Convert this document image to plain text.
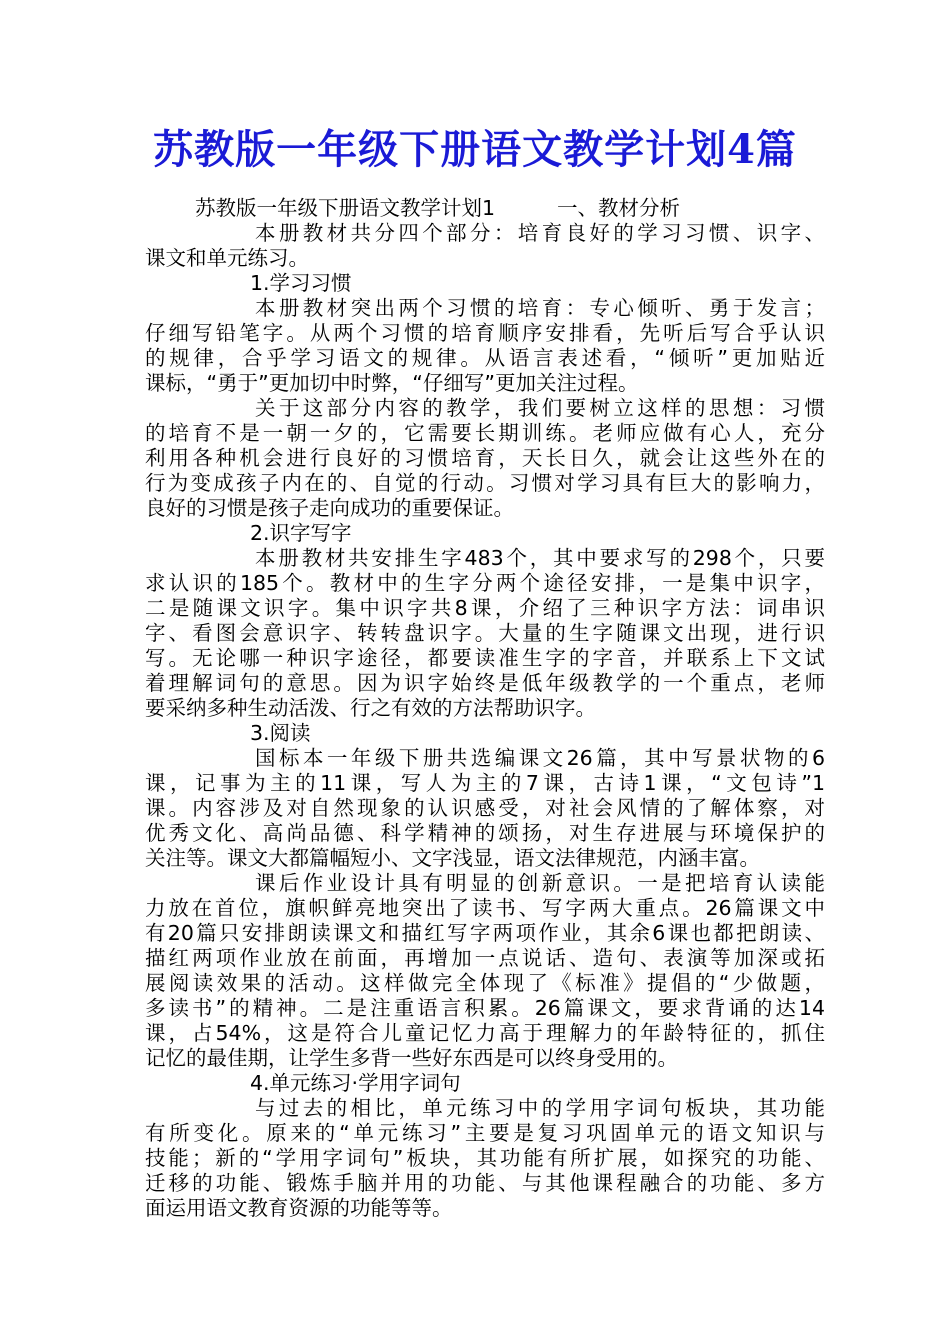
苏教版一年级下册语文教学计划4篇
苏教版一年级下册语文教学计划1	一、教材分析
本册教材共分四个部分：培育良好的学习习惯、识字、
课文和单元练习。
1.学习习惯
本册教材突出两个习惯的培育：专心倾听、勇于发言；
仔细写铅笔字。从两个习惯的培育顺序安排看，先听后写合乎认识
的规律，合乎学习语文的规律。从语言表述看，“倾听”更加贴近
课标，“勇于”更加切中时弊，“仔细写”更加关注过程。
关于这部分内容的教学，我们要树立这样的思想：习惯
的培育不是一朝一夕的，它需要长期训练。老师应做有心人，充分
利用各种机会进行良好的习惯培育，天长日久，就会让这些外在的
行为变成孩子内在的、自觉的行动。习惯对学习具有巨大的影响力，
良好的习惯是孩子走向成功的重要保证。
2.识字写字
本册教材共安排生字483个，其中要求写的298个，只要
求认识的185个。教材中的生字分两个途径安排，一是集中识字，
二是随课文识字。集中识字共8课，介绍了三种识字方法：词串识
字、看图会意识字、转转盘识字。大量的生字随课文出现，进行识
写。无论哪一种识字途径，都要读准生字的字音，并联系上下文试
着理解词句的意思。因为识字始终是低年级教学的一个重点，老师
要采纳多种生动活泼、行之有效的方法帮助识字。
3.阅读
国标本一年级下册共选编课文26篇，其中写景状物的6
课，记事为主的11课，写人为主的7课，古诗1课，“文包诗”1
课。内容涉及对自然现象的认识感受，对社会风情的了解体察，对
优秀文化、高尚品德、科学精神的颂扬，对生存进展与环境保护的
关注等。课文大都篇幅短小、文字浅显，语文法律规范，内涵丰富。
课后作业设计具有明显的创新意识。一是把培育认读能
力放在首位，旗帜鲜亮地突出了读书、写字两大重点。26篇课文中
有20篇只安排朗读课文和描红写字两项作业，其余6课也都把朗读、
描红两项作业放在前面，再增加一点说话、造句、表演等加深或拓
展阅读效果的活动。这样做完全体现了《标准》提倡的“少做题，
多读书”的精神。二是注重语言积累。26篇课文，要求背诵的达14
课，占54%，这是符合儿童记忆力高于理解力的年龄特征的，抓住
记忆的最佳期，让学生多背一些好东西是可以终身受用的。
4.单元练习·学用字词句
与过去的相比，单元练习中的学用字词句板块，其功能
有所变化。原来的“单元练习”主要是复习巩固单元的语文知识与
技能；新的“学用字词句”板块，其功能有所扩展，如探究的功能、
迁移的功能、锻炼手脑并用的功能、与其他课程融合的功能、多方
面运用语文教育资源的功能等等。
